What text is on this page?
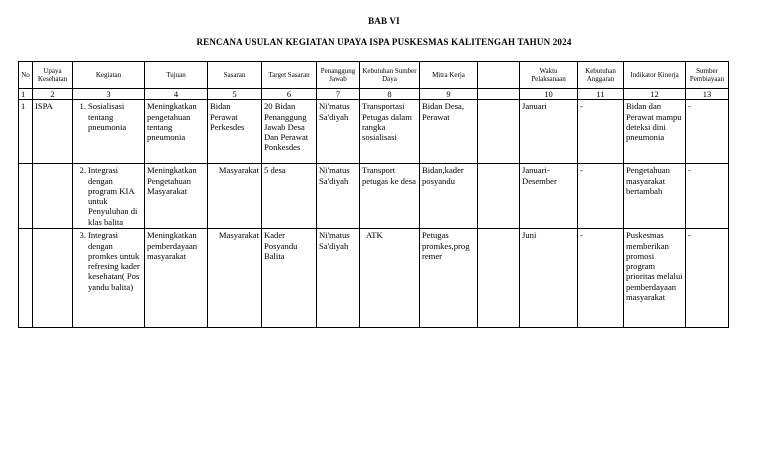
BAB VI
RENCANA USULAN KEGIATAN UPAYA ISPA PUSKESMAS KALITENGAH TAHUN 2024
No	Upaya Kesehatan	Kegiatan	Tujuan	Sasaran	Target Sasaran	Penanggung Jawab	Kebutuhan Sumber Daya	Mitra Kerja		Waktu Pelaksanaan	Kebutuhan Anggaran	Indikator Kinerja	Sumber Pembiayaan
1	2	3	4	5	6	7	8	9		10	11	12	13
1	ISPA	1. Sosialisasi tentang pneumonia	Meningkatkan pengetahuan tentang pneumonia	Bidan Perawat Perkesdes	20 Bidan Penanggung Jawab Desa Dan Perawat Ponkesdes	Ni'matus Sa'diyah	Transportasi Petugas dalam rangka sosialisasi	Bidan Desa, Perawat		Januari	-	Bidan dan Perawat mampu deteksi dini pneumonia	-

		2. Integrasi dengan program KIA untuk Penyuluhan di klas balita	Meningkatkan Pengetahuan Masyarakat	Masyarakat	5 desa	Ni'matus Sa'diyah	Transport petugas ke desa	Bidan,kader posyandu		Januari-Desember	-	Pengetahuan masyarakat bertambah	-

		3. Integrasi dengan promkes untuk refresing kader kesehatan( Pos yandu balita)	Meningkatkan pemberdayaan masyarakat	Masyarakat	Kader Posyandu Balita	Ni'matus Sa'diyah	ATK	Petugas promkes,prog remer		Juni	-	Puskesmas memberikan promosi program prioritas melalui pemberdayaan masyarakat	-
